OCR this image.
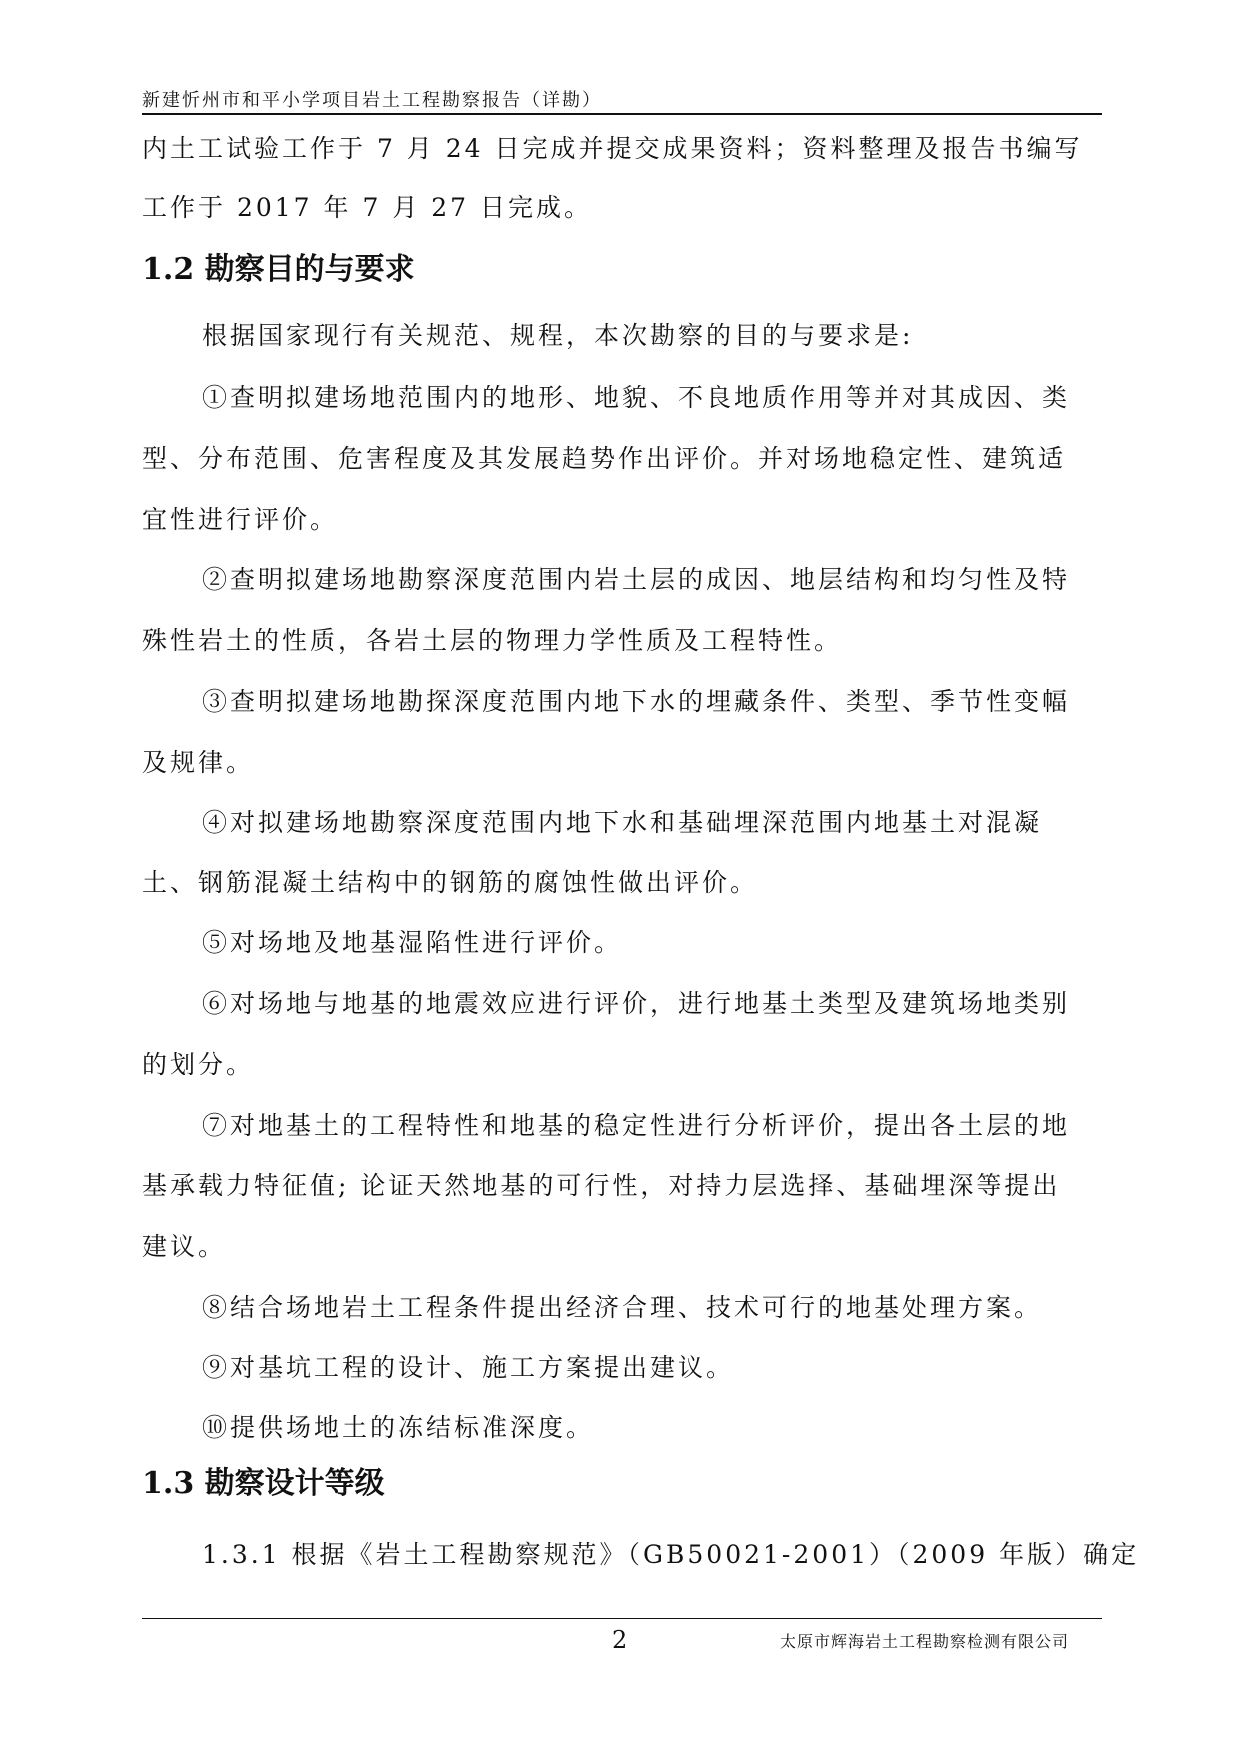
新建忻州市和平小学项目岩土工程勘察报告（详勘）
内土工试验工作于 7 月 24 日完成并提交成果资料；资料整理及报告书编写
工作于 2017 年 7 月 27 日完成。
1.2 勘察目的与要求
根据国家现行有关规范、规程，本次勘察的目的与要求是:
①查明拟建场地范围内的地形、地貌、不良地质作用等并对其成因、类
型、分布范围、危害程度及其发展趋势作出评价。并对场地稳定性、建筑适
宜性进行评价。
②查明拟建场地勘察深度范围内岩土层的成因、地层结构和均匀性及特
殊性岩土的性质，各岩土层的物理力学性质及工程特性。
③查明拟建场地勘探深度范围内地下水的埋藏条件、类型、季节性变幅
及规律。
④对拟建场地勘察深度范围内地下水和基础埋深范围内地基土对混凝
土、钢筋混凝土结构中的钢筋的腐蚀性做出评价。
⑤对场地及地基湿陷性进行评价。
⑥对场地与地基的地震效应进行评价，进行地基土类型及建筑场地类别
的划分。
⑦对地基土的工程特性和地基的稳定性进行分析评价，提出各土层的地
基承载力特征值; 论证天然地基的可行性，对持力层选择、基础埋深等提出
建议。
⑧结合场地岩土工程条件提出经济合理、技术可行的地基处理方案。
⑨对基坑工程的设计、施工方案提出建议。
⑩提供场地土的冻结标准深度。
1.3 勘察设计等级
1.3.1 根据《岩土工程勘察规范》（GB50021-2001）（2009 年版）确定
2	太原市辉海岩土工程勘察检测有限公司
